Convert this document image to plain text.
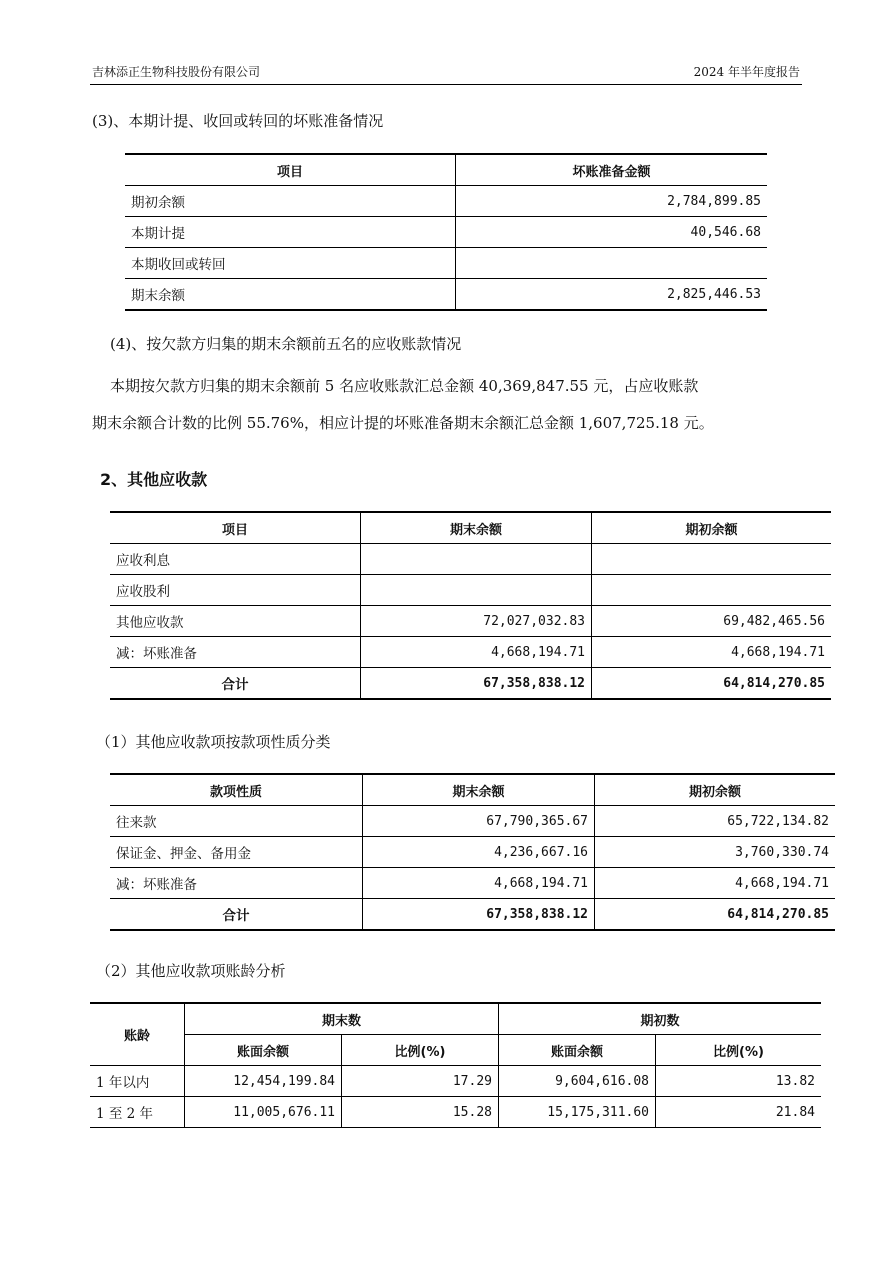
吉林添正生物科技股份有限公司	2024 年半年度报告
(3)、本期计提、收回或转回的坏账准备情况
项目	坏账准备金额
期初余额	2,784,899.85
本期计提	40,546.68
本期收回或转回	
期末余额	2,825,446.53
(4)、按欠款方归集的期末余额前五名的应收账款情况
本期按欠款方归集的期末余额前 5 名应收账款汇总金额 40,369,847.55 元，占应收账款
期末余额合计数的比例 55.76%，相应计提的坏账准备期末余额汇总金额 1,607,725.18 元。
2、其他应收款
项目	期末余额	期初余额
应收利息		
应收股利		
其他应收款	72,027,032.83	69,482,465.56
减：坏账准备	4,668,194.71	4,668,194.71
合计	67,358,838.12	64,814,270.85
（1）其他应收款项按款项性质分类
款项性质	期末余额	期初余额
往来款	67,790,365.67	65,722,134.82
保证金、押金、备用金	4,236,667.16	3,760,330.74
减：坏账准备	4,668,194.71	4,668,194.71
合计	67,358,838.12	64,814,270.85
（2）其他应收款项账龄分析
账龄	期末数		期初数	
	账面余额	比例(%)	账面余额	比例(%)
1 年以内	12,454,199.84	17.29	9,604,616.08	13.82
1 至 2 年	11,005,676.11	15.28	15,175,311.60	21.84
